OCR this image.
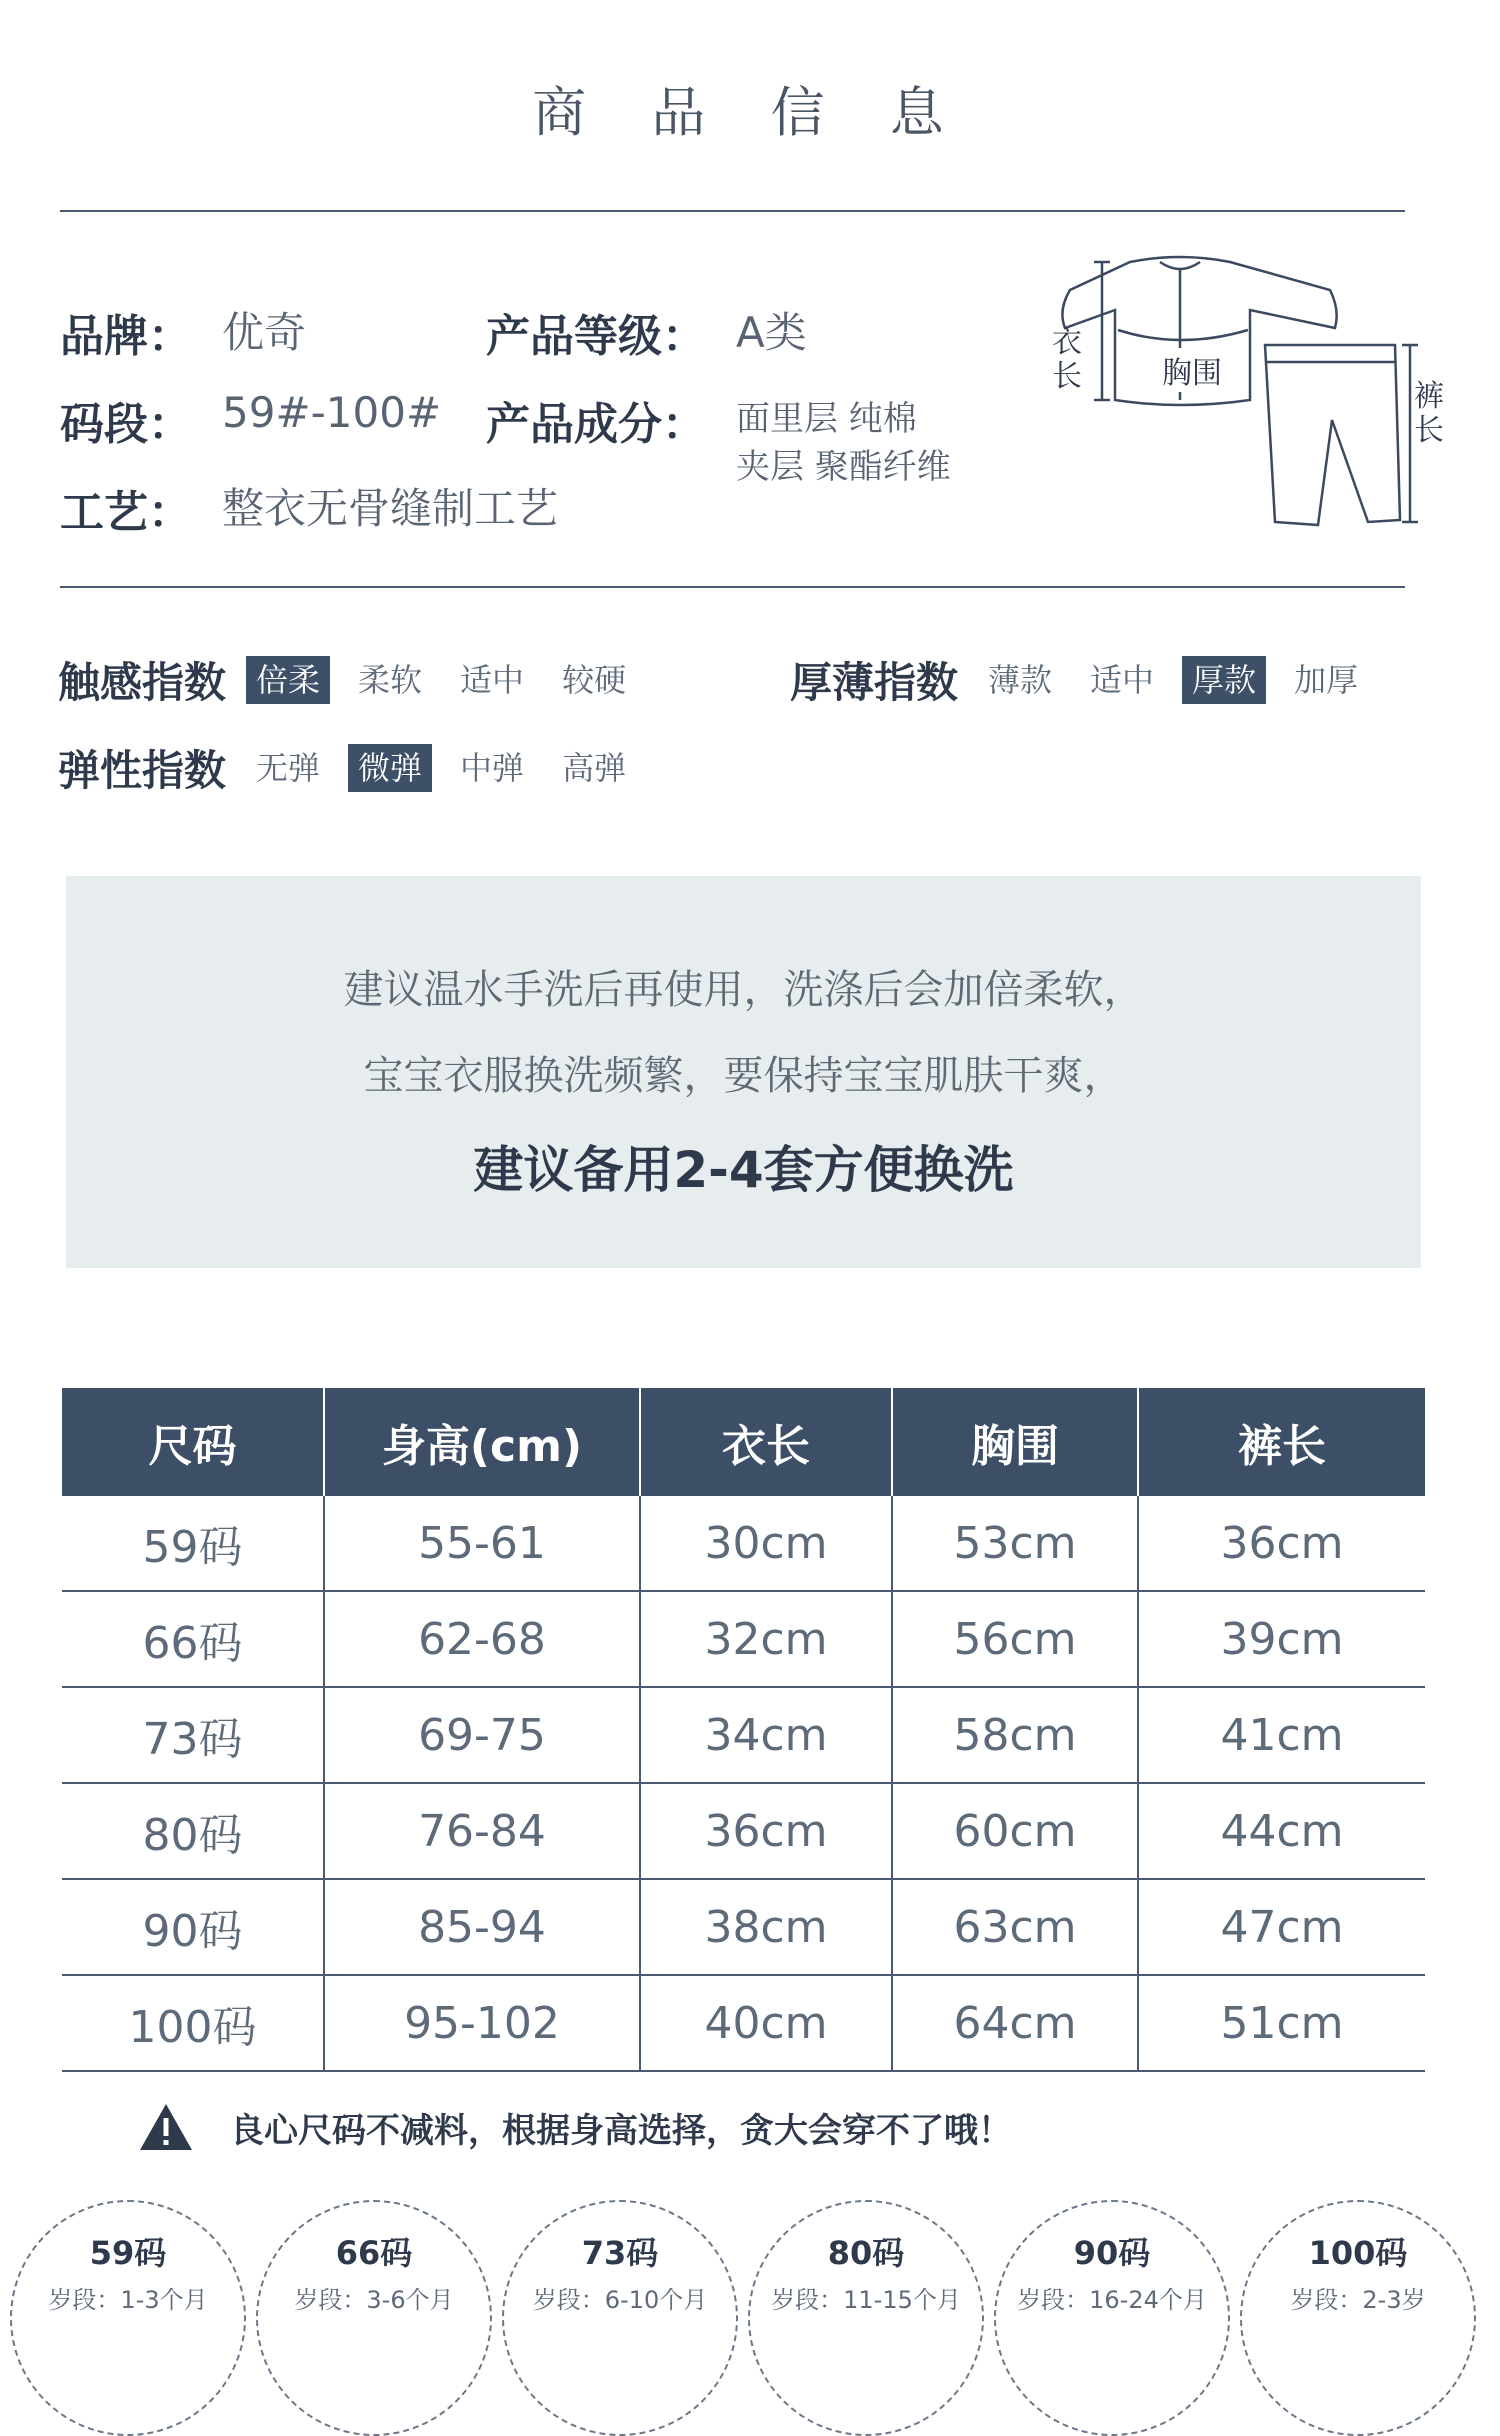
商 品 信 息
品牌： 优奇
码段： 59#-100#
工艺： 整衣无骨缝制工艺
产品等级： A类
产品成分： 面里层 纯棉
夹层 聚酯纤维
衣长	胸围
裤长
触感指数 倍柔	柔软	适中	较硬	厚薄指数 薄款	适中	厚款	加厚
弹性指数 无弹	微弹	中弹	高弹
建议温水手洗后再使用，洗涤后会加倍柔软，
宝宝衣服换洗频繁，要保持宝宝肌肤干爽，
建议备用2-4套方便换洗
尺码	身高(cm)	衣长	胸围	裤长
59码	55-61	30cm	53cm	36cm
66码	62-68	32cm	56cm	39cm
73码	69-75	34cm	58cm	41cm
80码	76-84	36cm	60cm	44cm
90码	85-94	38cm	63cm	47cm
100码	95-102	40cm	64cm	51cm
良心尺码不减料，根据身高选择，贪大会穿不了哦！
59码
岁段：1-3个月
66码
岁段：3-6个月
73码
岁段：6-10个月
80码
岁段：11-15个月
90码
岁段：16-24个月
100码
岁段：2-3岁
